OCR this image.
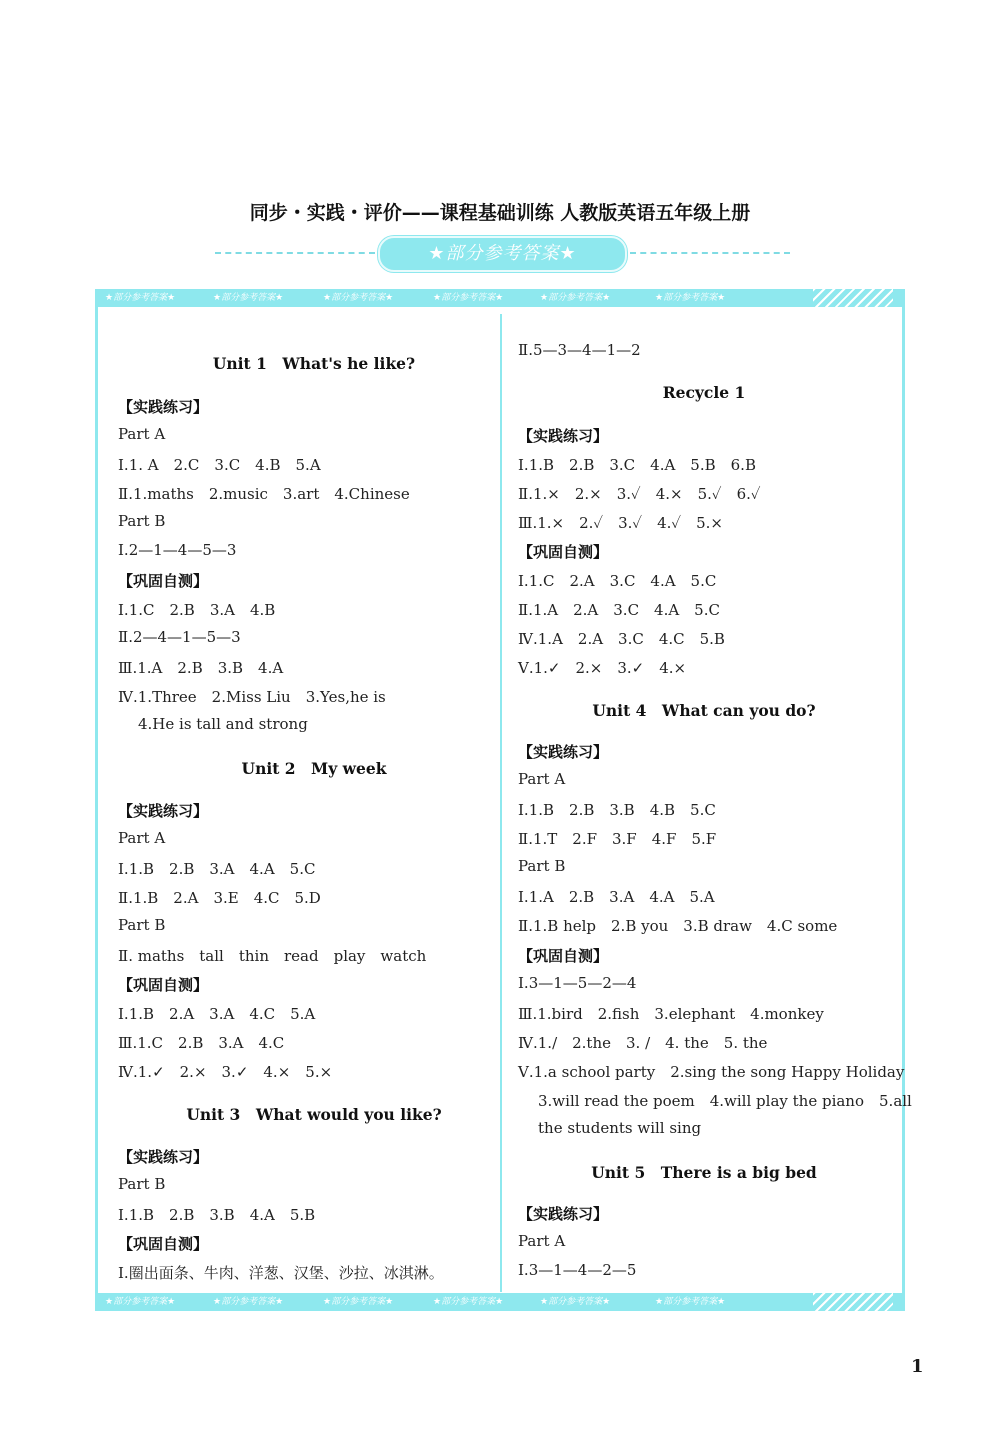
同步・实践・评价——课程基础训练 人教版英语五年级上册
★部分参考答案★
★部分参考答案★	★部分参考答案★	★部分参考答案★	★部分参考答案★	★部分参考答案★	★部分参考答案★
★部分参考答案★	★部分参考答案★	★部分参考答案★	★部分参考答案★	★部分参考答案★	★部分参考答案★
Unit 1　What's he like?
【实践练习】
Part A
Ⅰ.1. A　2.C　3.C　4.B　5.A
Ⅱ.1.maths　2.music　3.art　4.Chinese
Part B
Ⅰ.2—1—4—5—3
【巩固自测】
Ⅰ.1.C　2.B　3.A　4.B
Ⅱ.2—4—1—5—3
Ⅲ.1.A　2.B　3.B　4.A
Ⅳ.1.Three　2.Miss Liu　3.Yes,he is
4.He is tall and strong
Unit 2　My week
【实践练习】
Part A
Ⅰ.1.B　2.B　3.A　4.A　5.C
Ⅱ.1.B　2.A　3.E　4.C　5.D
Part B
Ⅱ. maths　tall　thin　read　play　watch
【巩固自测】
Ⅰ.1.B　2.A　3.A　4.C　5.A
Ⅲ.1.C　2.B　3.A　4.C
Ⅳ.1.✓　2.×　3.✓　4.×　5.×
Unit 3　What would you like?
【实践练习】
Part B
Ⅰ.1.B　2.B　3.B　4.A　5.B
【巩固自测】
Ⅰ.圈出面条、牛肉、洋葱、汉堡、沙拉、冰淇淋。
Ⅱ.5—3—4—1—2
Recycle 1
【实践练习】
Ⅰ.1.B　2.B　3.C　4.A　5.B　6.B
Ⅱ.1.×　2.×　3.✓　4.×　5.✓　6.✓
Ⅲ.1.×　2.✓　3.✓　4.✓　5.×
【巩固自测】
Ⅰ.1.C　2.A　3.C　4.A　5.C
Ⅱ.1.A　2.A　3.C　4.A　5.C
Ⅳ.1.A　2.A　3.C　4.C　5.B
Ⅴ.1.✓　2.×　3.✓　4.×
Unit 4　What can you do?
【实践练习】
Part A
Ⅰ.1.B　2.B　3.B　4.B　5.C
Ⅱ.1.T　2.F　3.F　4.F　5.F
Part B
Ⅰ.1.A　2.B　3.A　4.A　5.A
Ⅱ.1.B help　2.B you　3.B draw　4.C some
【巩固自测】
Ⅰ.3—1—5—2—4
Ⅲ.1.bird　2.fish　3.elephant　4.monkey
Ⅳ.1./　2.the　3. /　4. the　5. the
Ⅴ.1.a school party　2.sing the song Happy Holiday
3.will read the poem　4.will play the piano　5.all
the students will sing
Unit 5　There is a big bed
【实践练习】
Part A
Ⅰ.3—1—4—2—5
1
